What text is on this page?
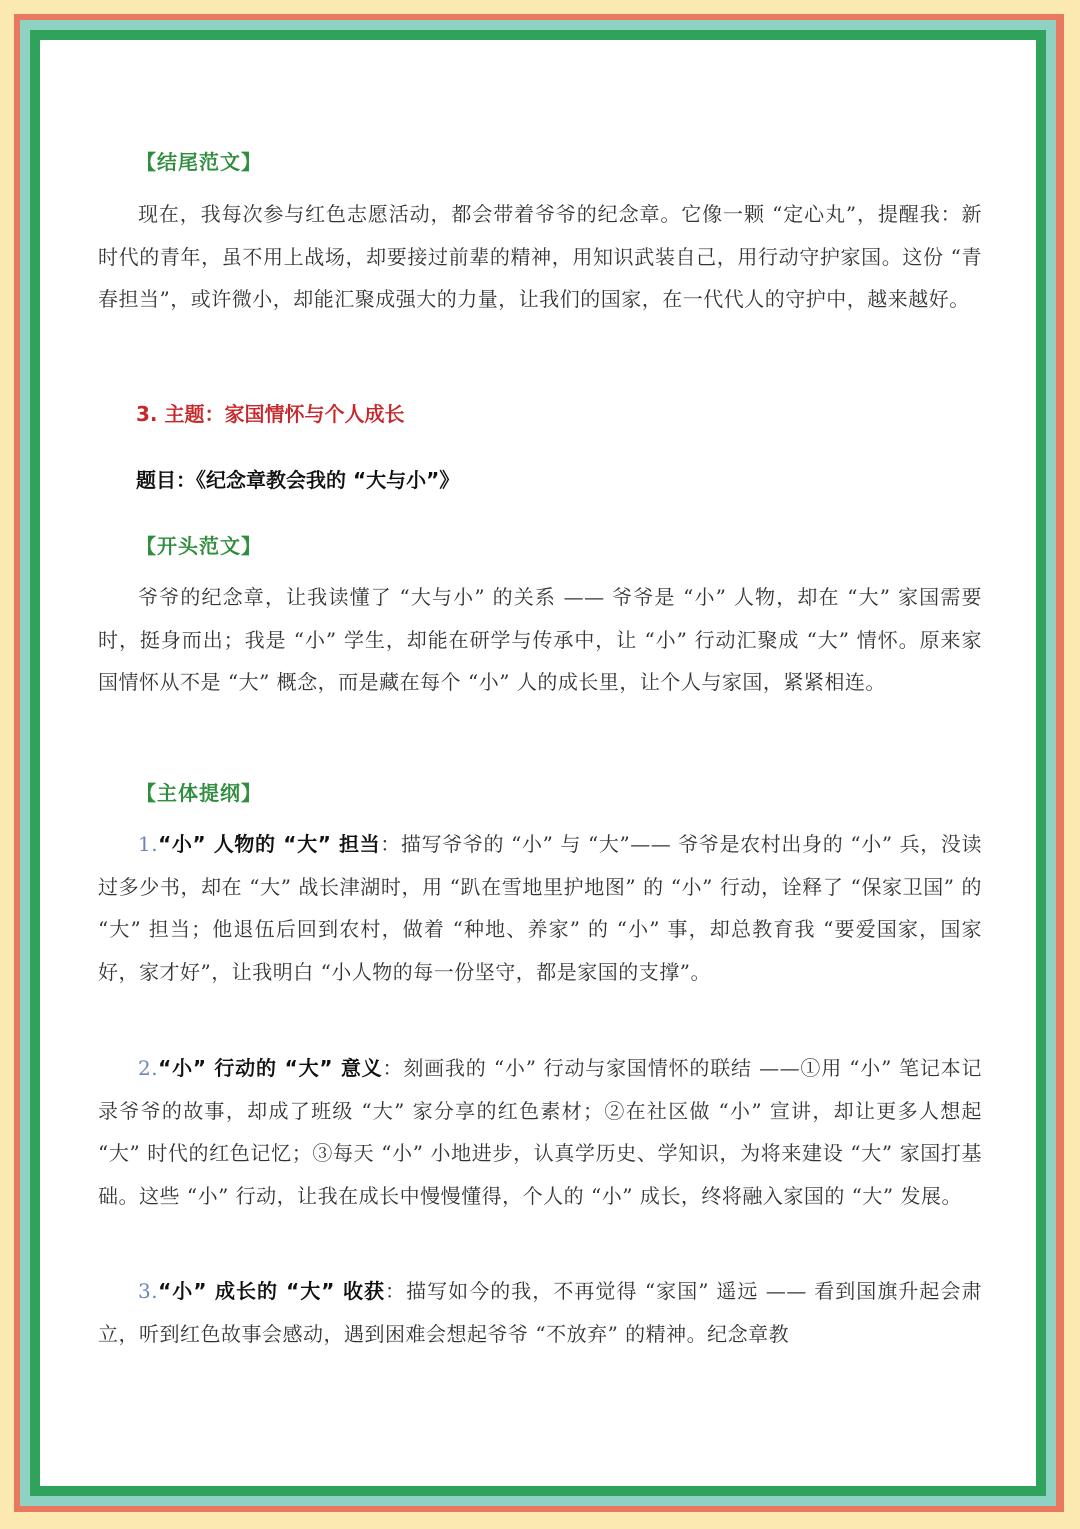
【结尾范文】
现在，我每次参与红色志愿活动，都会带着爷爷的纪念章。它像一颗 “定心丸”，提醒我：新时代的青年，虽不用上战场，却要接过前辈的精神，用知识武装自己，用行动守护家国。这份 “青春担当”，或许微小，却能汇聚成强大的力量，让我们的国家，在一代代人的守护中，越来越好。
3. 主题：家国情怀与个人成长
题目：《纪念章教会我的 “大与小”》
【开头范文】
爷爷的纪念章，让我读懂了 “大与小” 的关系 —— 爷爷是 “小” 人物，却在 “大” 家国需要时，挺身而出；我是 “小” 学生，却能在研学与传承中，让 “小” 行动汇聚成 “大” 情怀。原来家国情怀从不是 “大” 概念，而是藏在每个 “小” 人的成长里，让个人与家国，紧紧相连。
【主体提纲】
1.“小” 人物的 “大” 担当：描写爷爷的 “小” 与 “大”—— 爷爷是农村出身的 “小” 兵，没读过多少书，却在 “大” 战长津湖时，用 “趴在雪地里护地图” 的 “小” 行动，诠释了 “保家卫国” 的 “大” 担当；他退伍后回到农村，做着 “种地、养家” 的 “小” 事，却总教育我 “要爱国家，国家好，家才好”，让我明白 “小人物的每一份坚守，都是家国的支撑”。
2.“小” 行动的 “大” 意义：刻画我的 “小” 行动与家国情怀的联结 ——①用 “小” 笔记本记录爷爷的故事，却成了班级 “大” 家分享的红色素材；②在社区做 “小” 宣讲，却让更多人想起 “大” 时代的红色记忆；③每天 “小” 小地进步，认真学历史、学知识，为将来建设 “大” 家国打基础。这些 “小” 行动，让我在成长中慢慢懂得，个人的 “小” 成长，终将融入家国的 “大” 发展。
3.“小” 成长的 “大” 收获：描写如今的我，不再觉得 “家国” 遥远 —— 看到国旗升起会肃立，听到红色故事会感动，遇到困难会想起爷爷 “不放弃” 的精神。纪念章教
